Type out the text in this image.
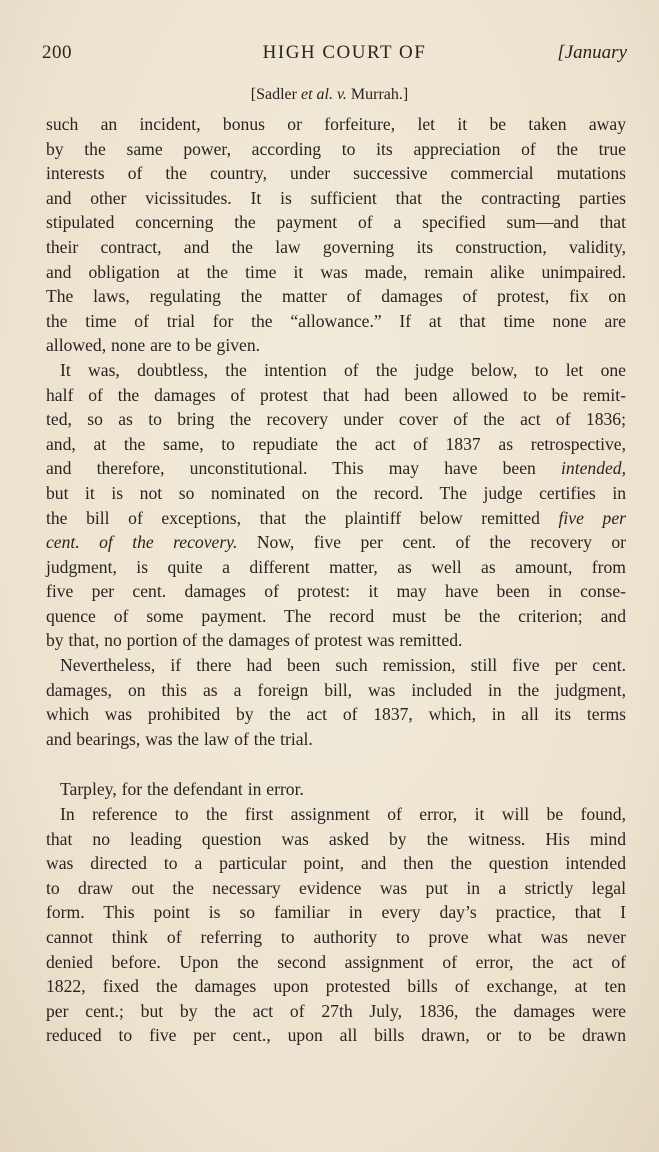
200	HIGH COURT OF	[January
[Sadler et al. v. Murrah.]

such an incident, bonus or forfeiture, let it be taken away

by the same power, according to its appreciation of the true

interests of the country, under successive commercial mutations

and other vicissitudes. It is sufficient that the contracting parties

stipulated concerning the payment of a specified sum—and that

their contract, and the law governing its construction, validity,

and obligation at the time it was made, remain alike unimpaired.

The laws, regulating the matter of damages of protest, fix on

the time of trial for the “allowance.” If at that time none are

allowed, none are to be given.

It was, doubtless, the intention of the judge below, to let one

half of the damages of protest that had been allowed to be remit-

ted, so as to bring the recovery under cover of the act of 1836;

and, at the same, to repudiate the act of 1837 as retrospective,

and therefore, unconstitutional. This may have been intended,

but it is not so nominated on the record. The judge certifies in

the bill of exceptions, that the plaintiff below remitted five per

cent. of the recovery. Now, five per cent. of the recovery or

judgment, is quite a different matter, as well as amount, from

five per cent. damages of protest: it may have been in conse-

quence of some payment. The record must be the criterion; and

by that, no portion of the damages of protest was remitted.

Nevertheless, if there had been such remission, still five per cent.

damages, on this as a foreign bill, was included in the judgment,

which was prohibited by the act of 1837, which, in all its terms

and bearings, was the law of the trial.

Tarpley, for the defendant in error.

In reference to the first assignment of error, it will be found,

that no leading question was asked by the witness. His mind

was directed to a particular point, and then the question intended

to draw out the necessary evidence was put in a strictly legal

form. This point is so familiar in every day’s practice, that I

cannot think of referring to authority to prove what was never

denied before. Upon the second assignment of error, the act of

1822, fixed the damages upon protested bills of exchange, at ten

per cent.; but by the act of 27th July, 1836, the damages were

reduced to five per cent., upon all bills drawn, or to be drawn
